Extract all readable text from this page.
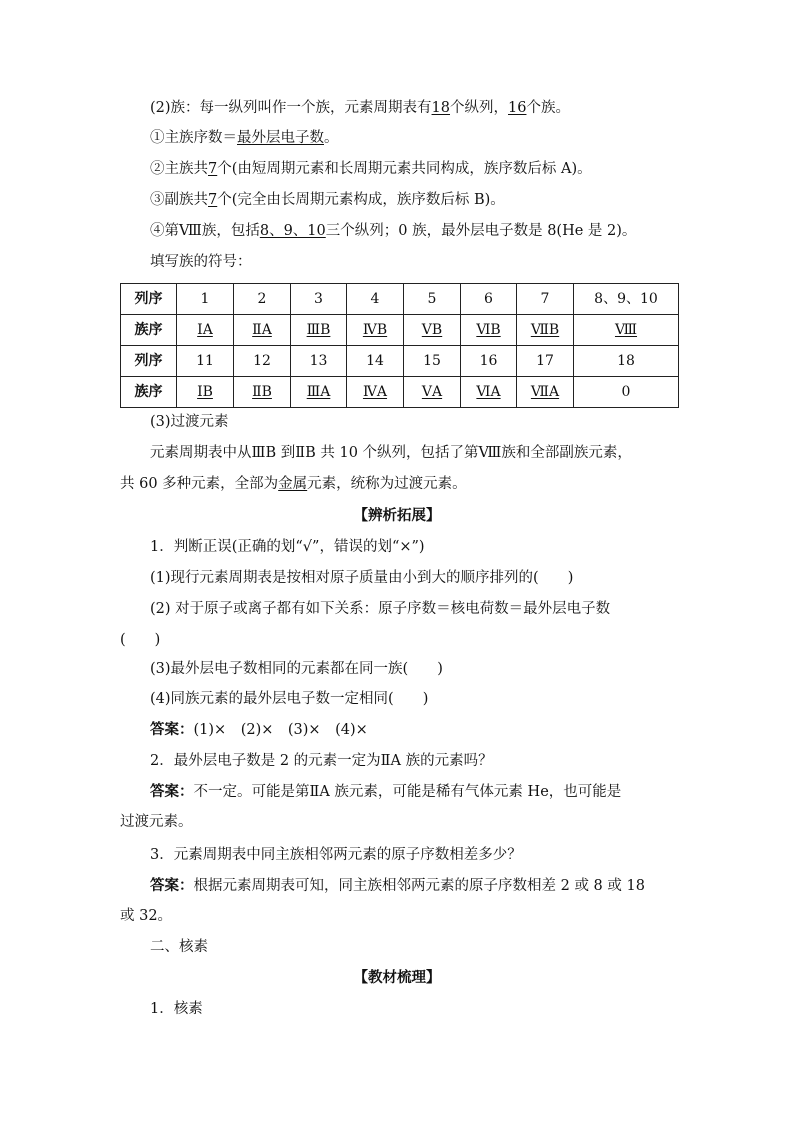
(2)族：每一纵列叫作一个族，元素周期表有18个纵列，16个族。
①主族序数＝最外层电子数。
②主族共7个(由短周期元素和长周期元素共同构成，族序数后标 A)。
③副族共7个(完全由长周期元素构成，族序数后标 B)。
④第Ⅷ族，包括8、9、10三个纵列；0 族，最外层电子数是 8(He 是 2)。
填写族的符号：
列序	1	2	3	4	5	6	7	8、9、10
族序	ⅠA	ⅡA	ⅢB	ⅣB	ⅤB	ⅥB	ⅦB	Ⅷ
列序	11	12	13	14	15	16	17	18
族序	ⅠB	ⅡB	ⅢA	ⅣA	ⅤA	ⅥA	ⅦA	0
(3)过渡元素
元素周期表中从ⅢB 到ⅡB 共 10 个纵列，包括了第Ⅷ族和全部副族元素，
共 60 多种元素，全部为金属元素，统称为过渡元素。
【辨析拓展】
1．判断正误(正确的划“√”，错误的划“×”)
(1)现行元素周期表是按相对原子质量由小到大的顺序排列的(　　)
(2) 对于原子或离子都有如下关系：原子序数＝核电荷数＝最外层电子数
(　　)
(3)最外层电子数相同的元素都在同一族(　　)
(4)同族元素的最外层电子数一定相同(　　)
答案：(1)×　(2)×　(3)×　(4)×
2．最外层电子数是 2 的元素一定为ⅡA 族的元素吗？
答案：不一定。可能是第ⅡA 族元素，可能是稀有气体元素 He，也可能是
过渡元素。
3．元素周期表中同主族相邻两元素的原子序数相差多少？
答案：根据元素周期表可知，同主族相邻两元素的原子序数相差 2 或 8 或 18
或 32。
二、核素
【教材梳理】
1．核素
